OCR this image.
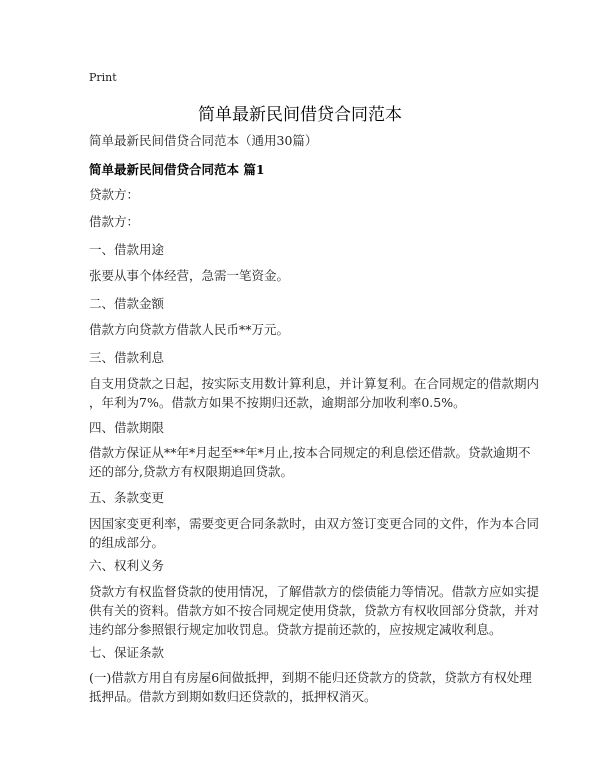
Print
简单最新民间借贷合同范本
简单最新民间借贷合同范本（通用30篇）
简单最新民间借贷合同范本 篇1
贷款方：
借款方：
一、借款用途
张要从事个体经营，急需一笔资金。
二、借款金额
借款方向贷款方借款人民币**万元。
三、借款利息
自支用贷款之日起，按实际支用数计算利息，并计算复利。在合同规定的借款期内
，年利为7%。借款方如果不按期归还款，逾期部分加收利率0.5%。
四、借款期限
借款方保证从**年*月起至**年*月止,按本合同规定的利息偿还借款。贷款逾期不
还的部分,贷款方有权限期追回贷款。
五、条款变更
因国家变更利率，需要变更合同条款时，由双方签订变更合同的文件，作为本合同
的组成部分。
六、权利义务
贷款方有权监督贷款的使用情况，了解借款方的偿债能力等情况。借款方应如实提
供有关的资料。借款方如不按合同规定使用贷款，贷款方有权收回部分贷款，并对
违约部分参照银行规定加收罚息。贷款方提前还款的，应按规定减收利息。
七、保证条款
(一)借款方用自有房屋6间做抵押，到期不能归还贷款方的贷款，贷款方有权处理
抵押品。借款方到期如数归还贷款的，抵押权消灭。
